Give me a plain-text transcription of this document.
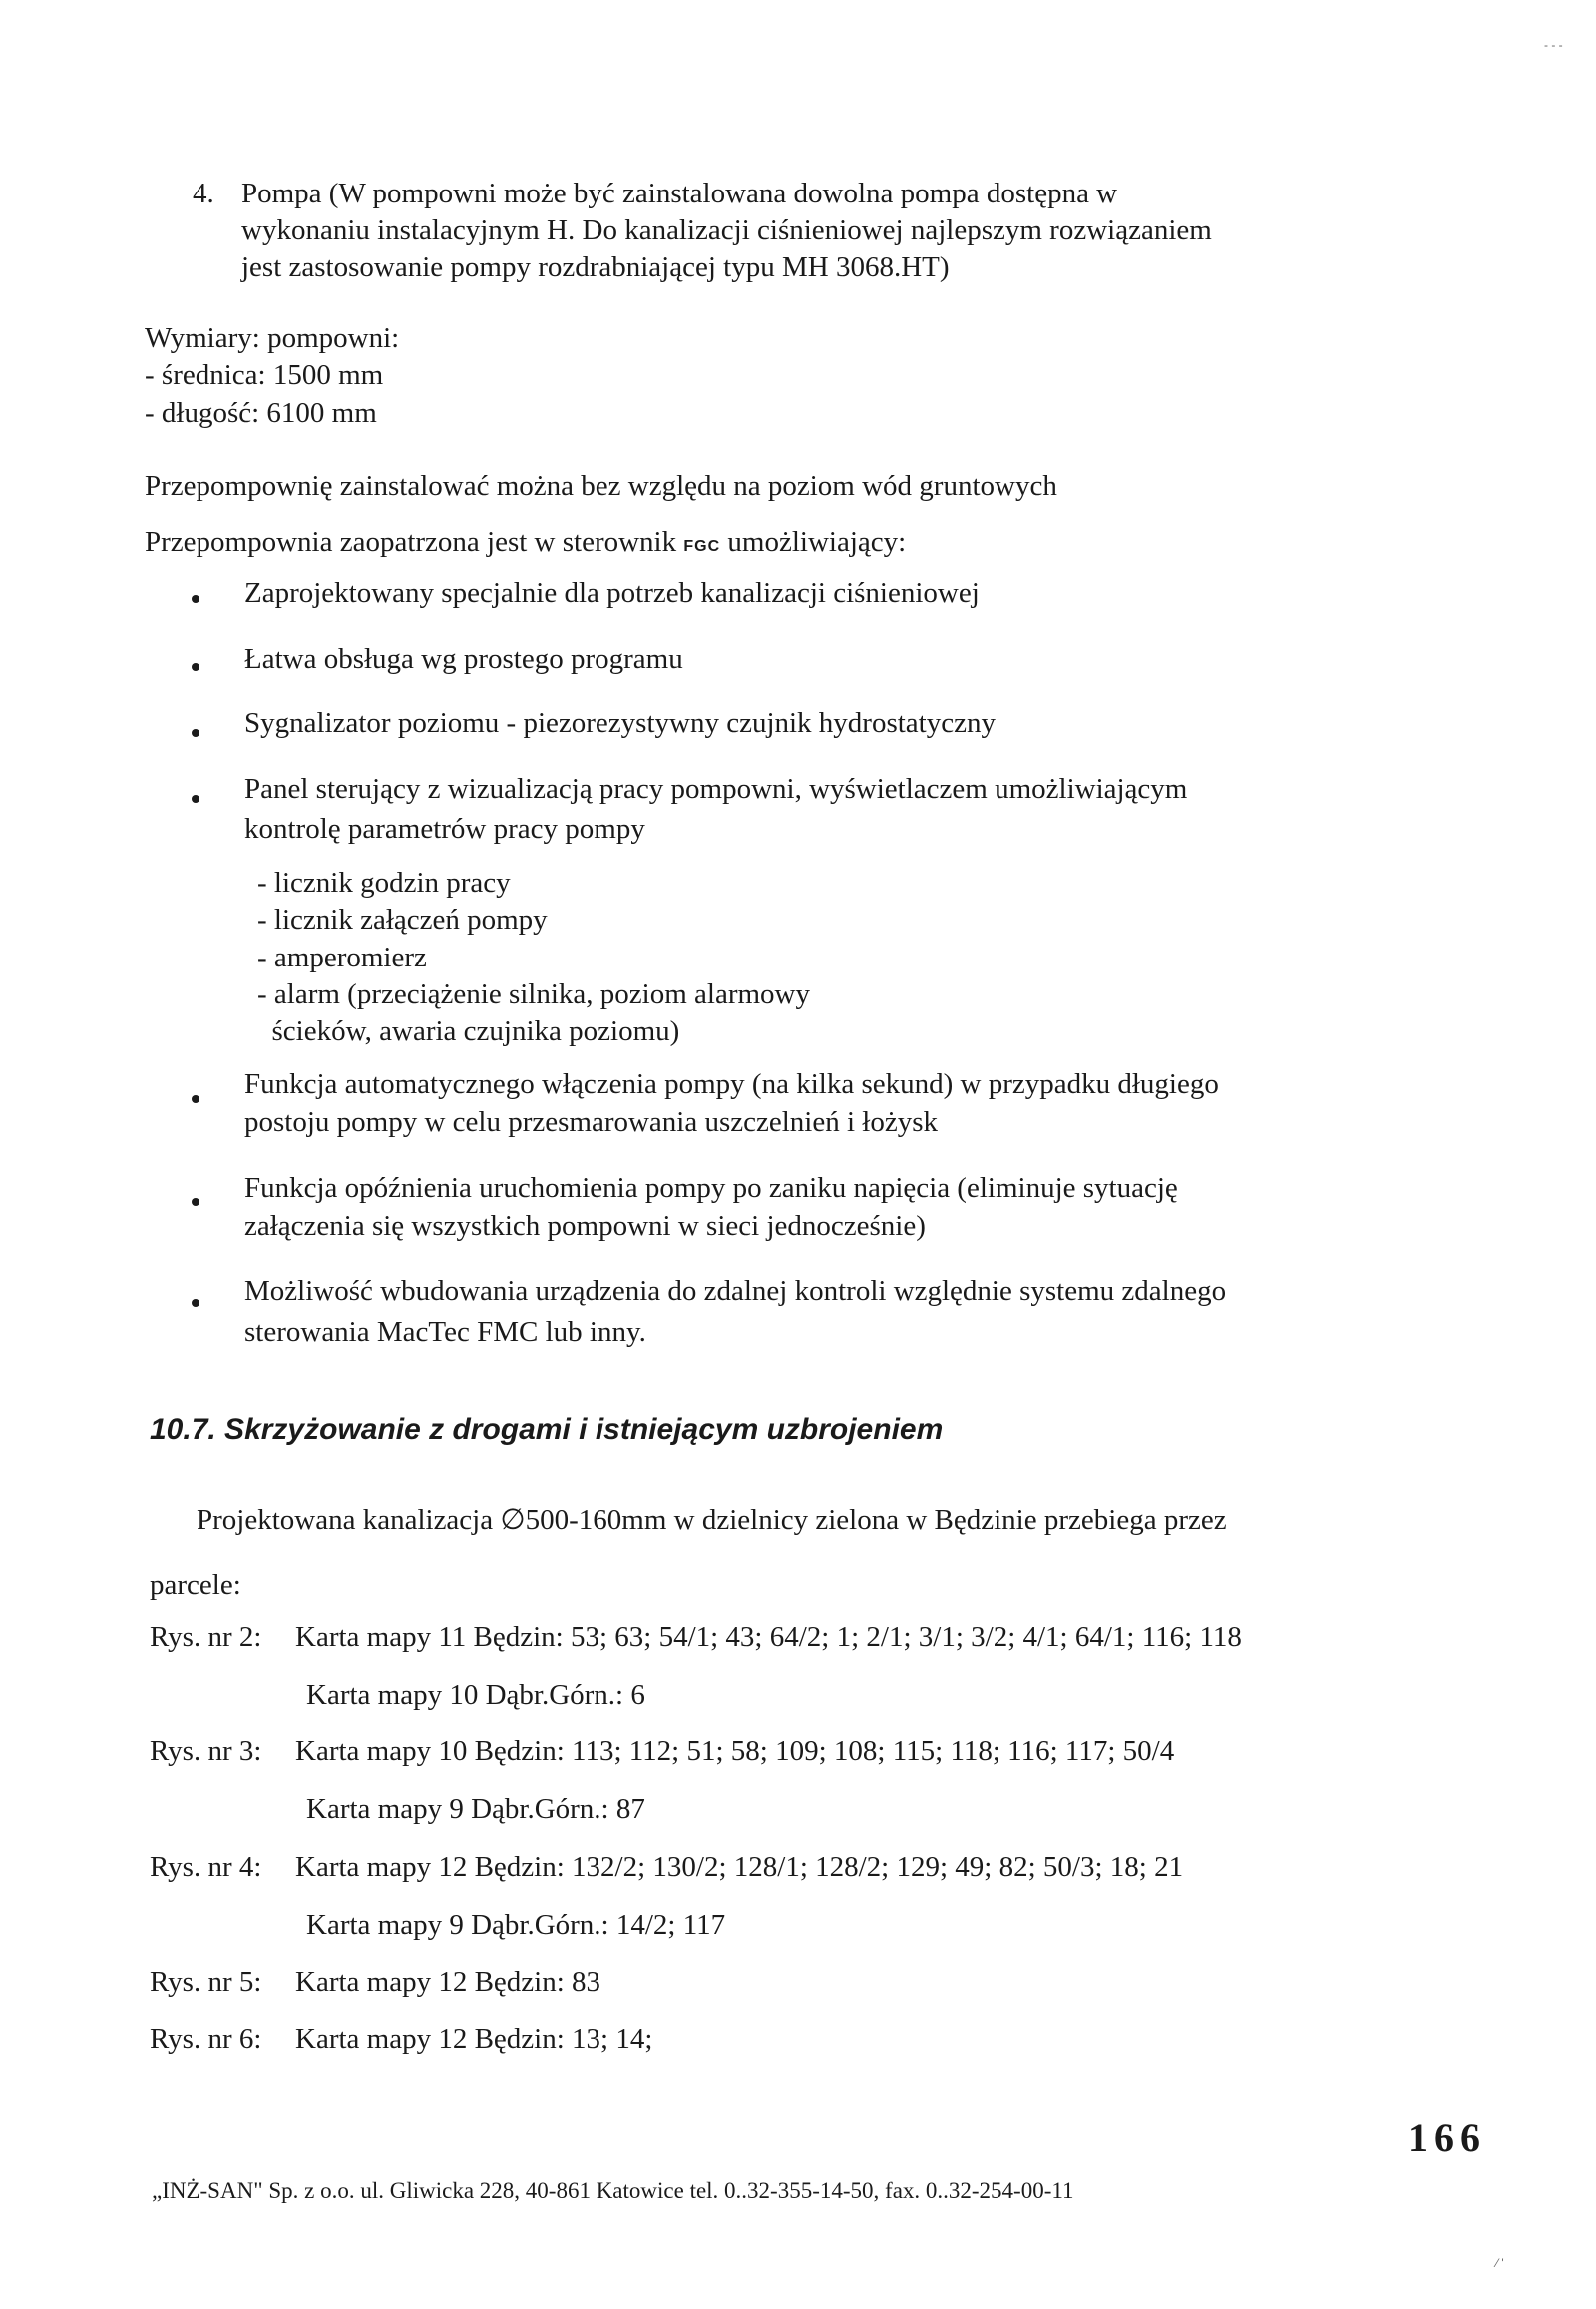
4. Pompa (W pompowni może być zainstalowana dowolna pompa dostępna w
wykonaniu instalacyjnym H. Do kanalizacji ciśnieniowej najlepszym rozwiązaniem
jest zastosowanie pompy rozdrabniającej typu MH 3068.HT)
Wymiary: pompowni:
- średnica: 1500 mm
- długość: 6100 mm
Przepompownię zainstalować można bez względu na poziom wód gruntowych
Przepompownia zaopatrzona jest w sterownik FGC umożliwiający:
Zaprojektowany specjalnie dla potrzeb kanalizacji ciśnieniowej
Łatwa obsługa wg prostego programu
Sygnalizator poziomu - piezorezystywny czujnik hydrostatyczny
Panel sterujący z wizualizacją pracy pompowni, wyświetlaczem umożliwiającym
kontrolę parametrów pracy pompy
- licznik godzin pracy
- licznik załączeń pompy
- amperomierz
- alarm (przeciążenie silnika, poziom alarmowy
ścieków, awaria czujnika poziomu)
Funkcja automatycznego włączenia pompy (na kilka sekund) w przypadku długiego
postoju pompy w celu przesmarowania uszczelnień i łożysk
Funkcja opóźnienia uruchomienia pompy po zaniku napięcia (eliminuje sytuację
załączenia się wszystkich pompowni w sieci jednocześnie)
Możliwość wbudowania urządzenia do zdalnej kontroli względnie systemu zdalnego
sterowania MacTec FMC lub inny.
10.7. Skrzyżowanie z drogami i istniejącym uzbrojeniem
Projektowana kanalizacja ∅500-160mm w dzielnicy zielona w Będzinie przebiega przez
parcele:
Rys. nr 2: Karta mapy 11 Będzin: 53; 63; 54/1; 43; 64/2; 1; 2/1; 3/1; 3/2; 4/1; 64/1; 116; 118
Karta mapy 10 Dąbr.Górn.: 6
Rys. nr 3: Karta mapy 10 Będzin: 113; 112; 51; 58; 109; 108; 115; 118; 116; 117; 50/4
Karta mapy 9 Dąbr.Górn.: 87
Rys. nr 4: Karta mapy 12 Będzin: 132/2; 130/2; 128/1; 128/2; 129; 49; 82; 50/3; 18; 21
Karta mapy 9 Dąbr.Górn.: 14/2; 117
Rys. nr 5: Karta mapy 12 Będzin: 83
Rys. nr 6: Karta mapy 12 Będzin: 13; 14;
166
„INŻ-SAN" Sp. z o.o. ul. Gliwicka 228, 40-861 Katowice tel. 0..32-355-14-50, fax. 0..32-254-00-11
- - -
⁄ '
